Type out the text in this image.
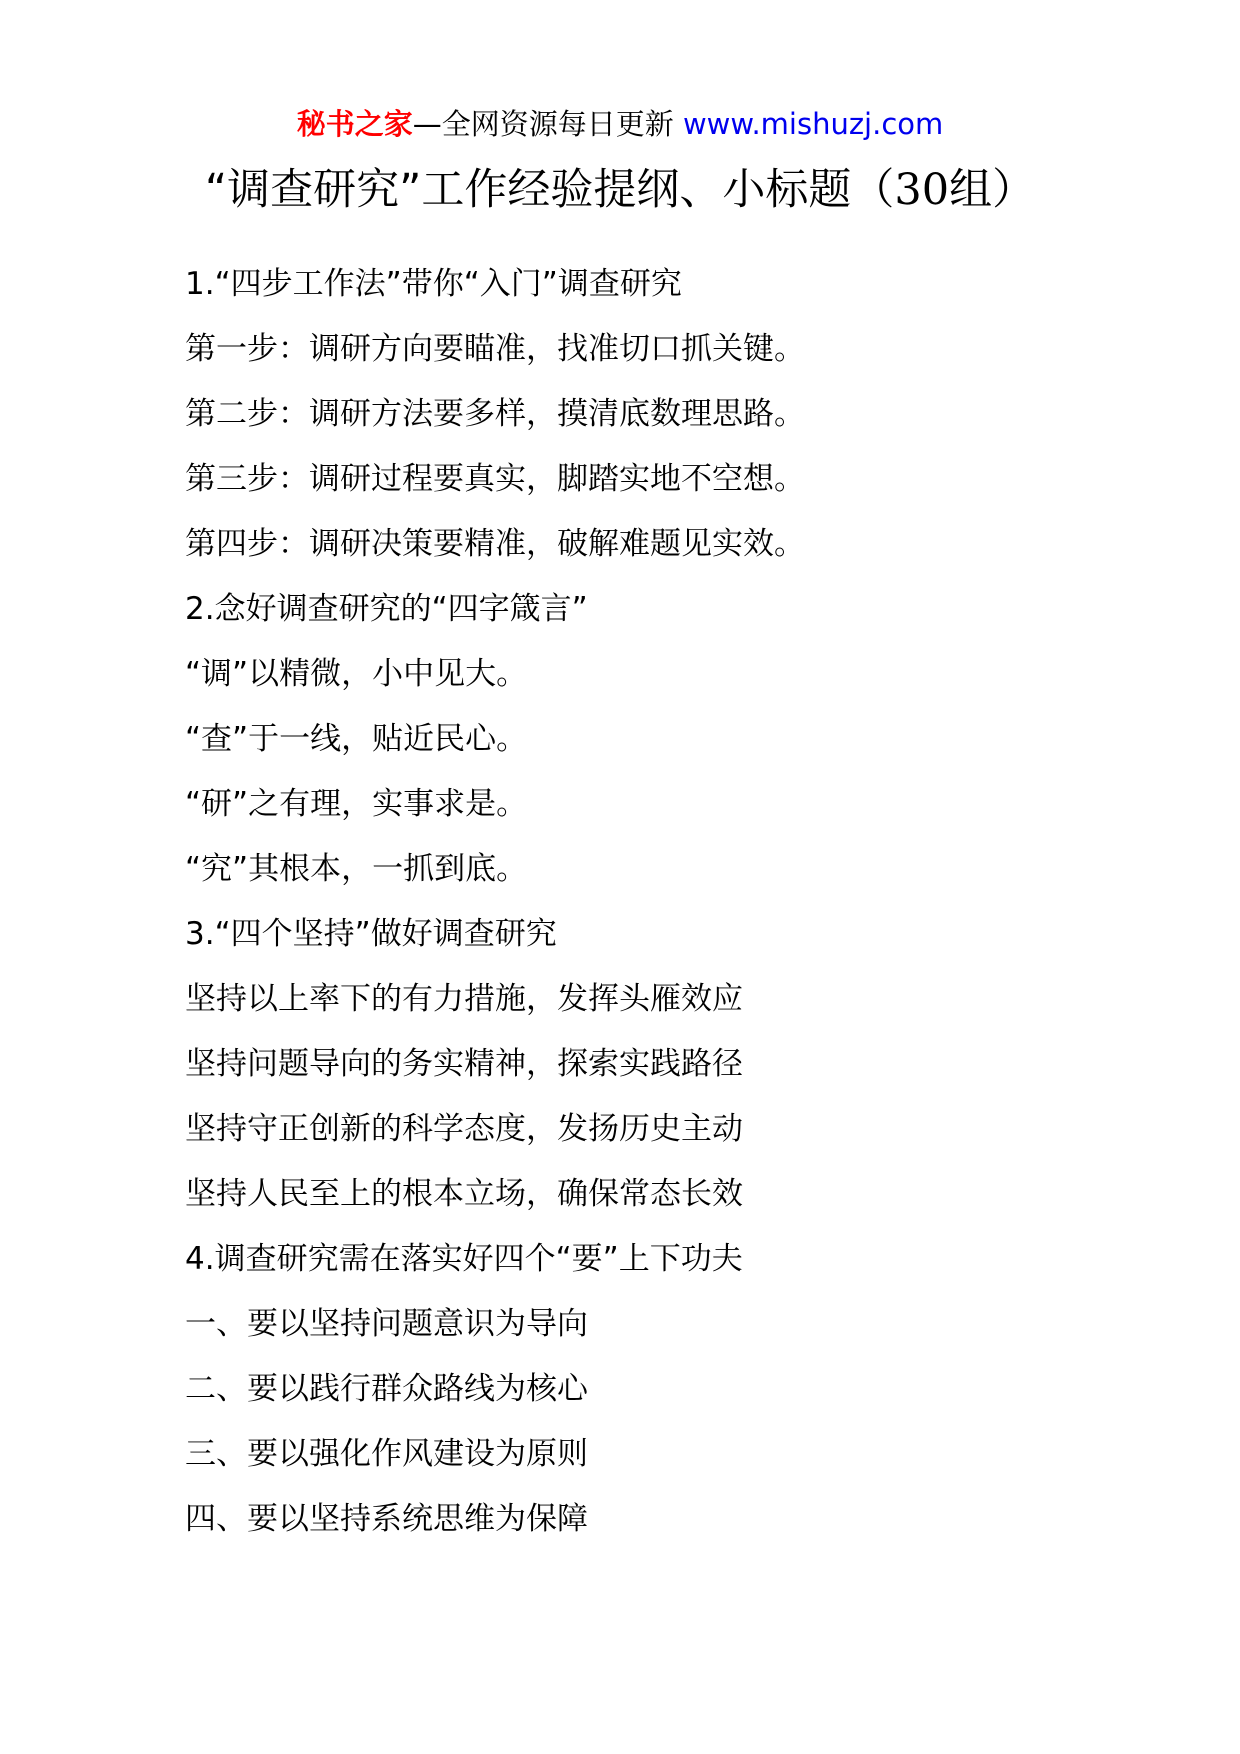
秘书之家—全网资源每日更新 www.mishuzj.com
“调查研究”工作经验提纲、小标题（30组）
1.“四步工作法”带你“入门”调查研究
第一步：调研方向要瞄准，找准切口抓关键。
第二步：调研方法要多样，摸清底数理思路。
第三步：调研过程要真实，脚踏实地不空想。
第四步：调研决策要精准，破解难题见实效。
2.念好调查研究的“四字箴言”
“调”以精微，小中见大。
“查”于一线，贴近民心。
“研”之有理，实事求是。
“究”其根本，一抓到底。
3.“四个坚持”做好调查研究
坚持以上率下的有力措施，发挥头雁效应
坚持问题导向的务实精神，探索实践路径
坚持守正创新的科学态度，发扬历史主动
坚持人民至上的根本立场，确保常态长效
4.调查研究需在落实好四个“要”上下功夫
一、要以坚持问题意识为导向
二、要以践行群众路线为核心
三、要以强化作风建设为原则
四、要以坚持系统思维为保障
